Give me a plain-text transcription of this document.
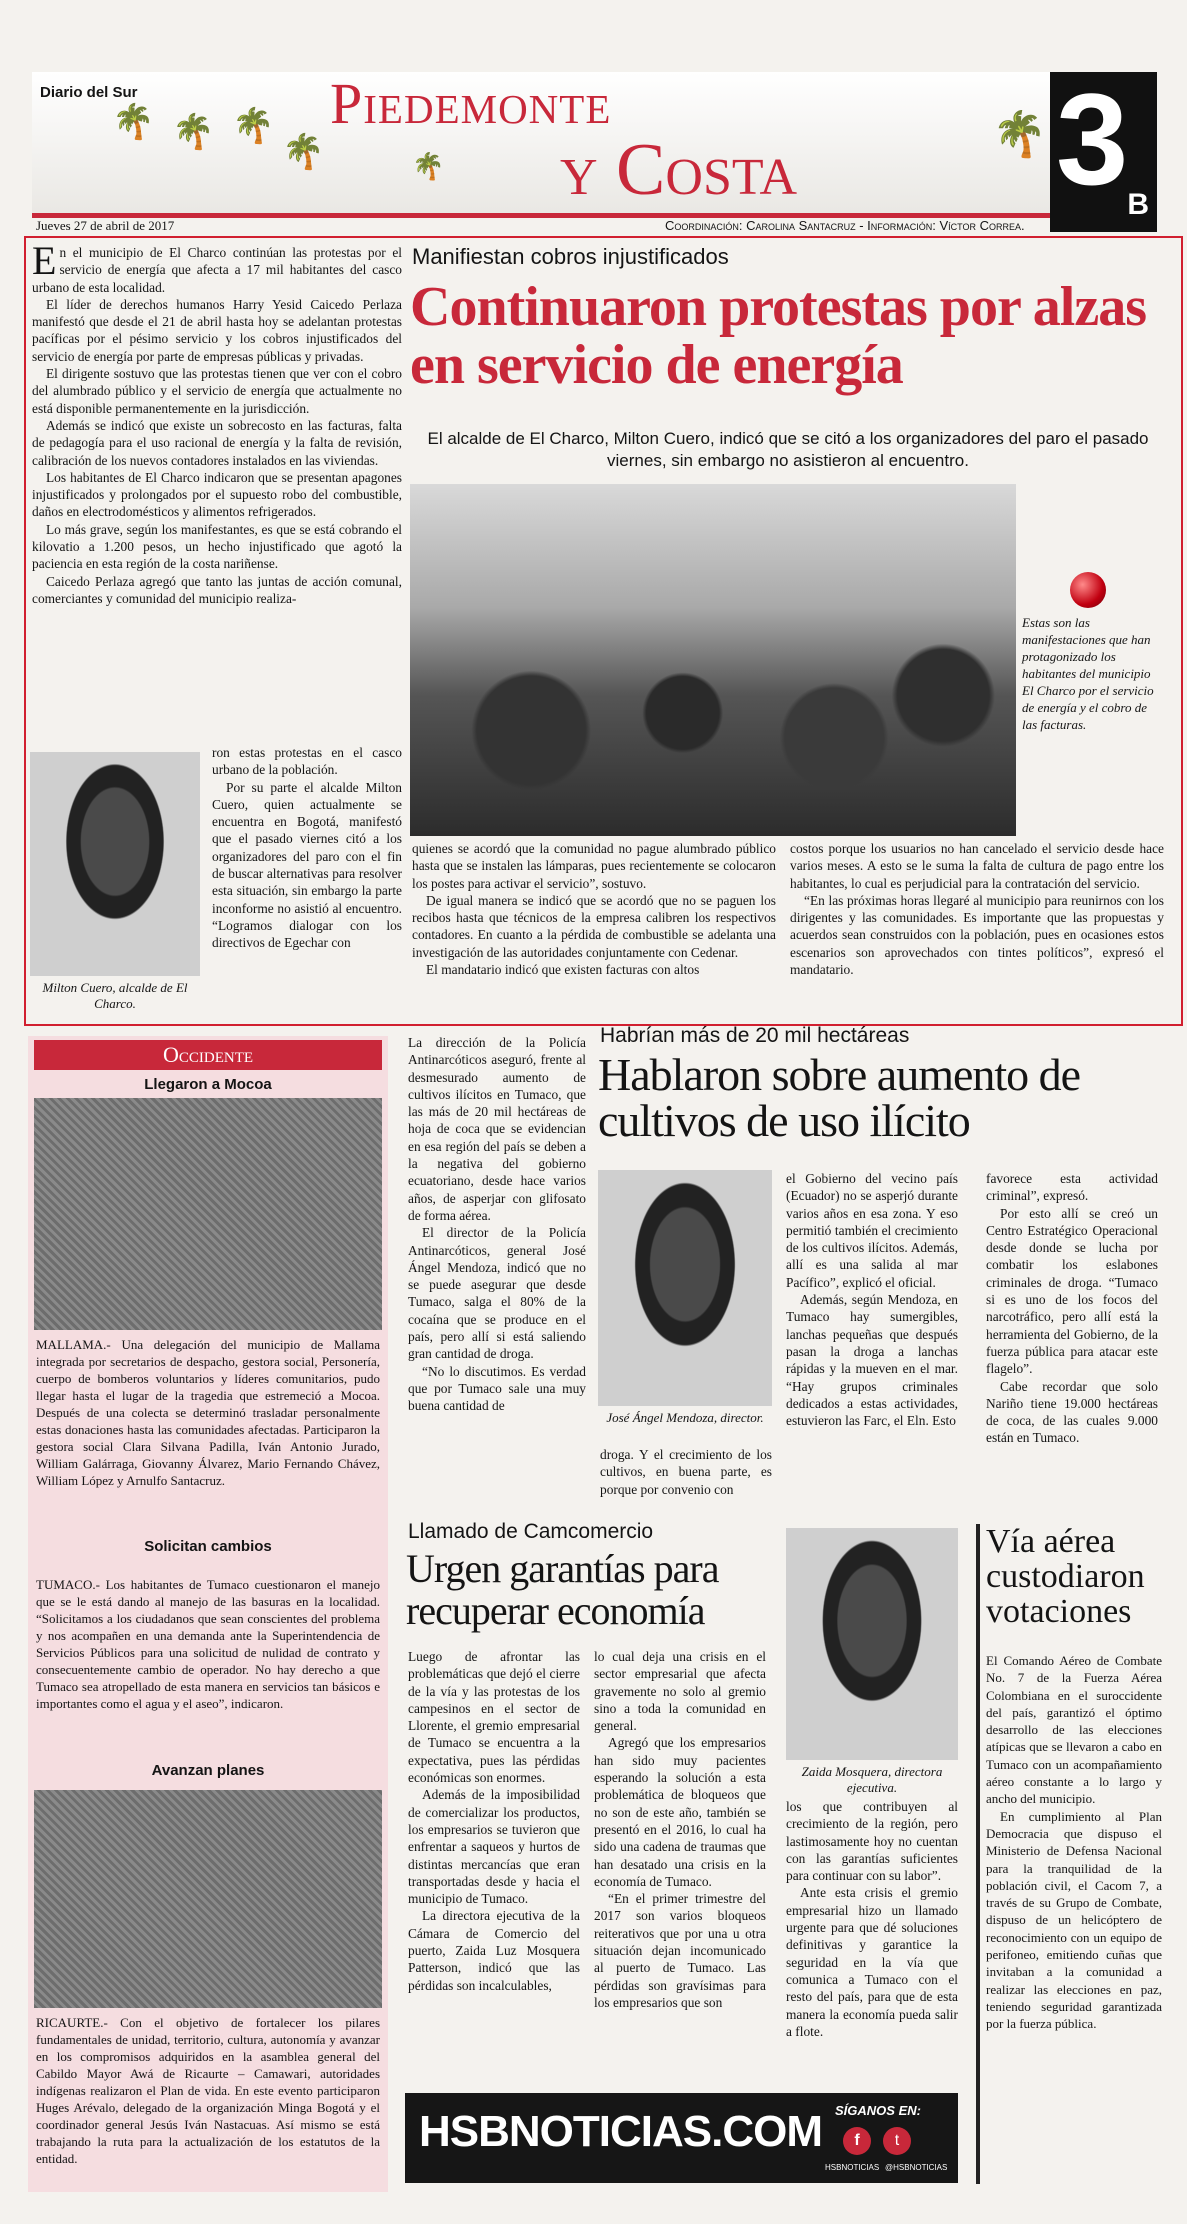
🌴 🌴 🌴
🌴	🌴
🌴
Diario del Sur	Piedemonte
y Costa 3 B
Jueves 27 de abril de 2017	Coordinación: Carolina Santacruz - Información: Víctor Correa.

En el municipio de El Charco continúan las protestas por el servicio de energía que afecta a 17 mil habitantes del casco urbano de esta localidad.

El líder de derechos humanos Harry Yesid Caicedo Perlaza manifestó que desde el 21 de abril hasta hoy se adelantan protestas pacíficas por el pésimo servicio y los cobros injustificados del servicio de energía por parte de empresas públicas y privadas.

El dirigente sostuvo que las protestas tienen que ver con el cobro del alumbrado público y el servicio de energía que actualmente no está disponible permanentemente en la jurisdicción.

Además se indicó que existe un sobrecosto en las facturas, falta de pedagogía para el uso racional de energía y la falta de revisión, calibración de los nuevos contadores instalados en las viviendas.

Los habitantes de El Charco indicaron que se presentan apagones injustificados y prolongados por el supuesto robo del combustible, daños en electrodomésticos y alimentos refrigerados.

Lo más grave, según los manifestantes, es que se está cobrando el kilovatio a 1.200 pesos, un hecho injustificado que agotó la paciencia en esta región de la costa nariñense.

Caicedo Perlaza agregó que tanto las juntas de acción comunal, comerciantes y comunidad del municipio realiza-

Milton Cuero, alcalde de El Charco.

ron estas protestas en el casco urbano de la población.

Por su parte el alcalde Milton Cuero, quien actualmente se encuentra en Bogotá, manifestó que el pasado viernes citó a los organizadores del paro con el fin de buscar alternativas para resolver esta situación, sin embargo la parte inconforme no asistió al encuentro. “Logramos dialogar con los directivos de Egechar con

Manifiestan cobros injustificados
Continuaron protestas por alzas en servicio de energía
El alcalde de El Charco, Milton Cuero, indicó que se citó a los organizadores del paro el pasado viernes, sin embargo no asistieron al encuentro.
Estas son las manifestaciones que han protagonizado los habitantes del municipio El Charco por el servicio de energía y el cobro de las facturas.

quienes se acordó que la comunidad no pague alumbrado público hasta que se instalen las lámparas, pues recientemente se colocaron los postes para activar el servicio”, sostuvo.

De igual manera se indicó que se acordó que no se paguen los recibos hasta que técnicos de la empresa calibren los respectivos contadores. En cuanto a la pérdida de combustible se adelanta una investigación de las autoridades conjuntamente con Cedenar.

El mandatario indicó que existen facturas con altos

costos porque los usuarios no han cancelado el servicio desde hace varios meses. A esto se le suma la falta de cultura de pago entre los habitantes, lo cual es perjudicial para la contratación del servicio.

“En las próximas horas llegaré al municipio para reunirnos con los dirigentes y las comunidades. Es importante que las propuestas y acuerdos sean construidos con la población, pues en ocasiones estos escenarios son aprovechados con tintes políticos”, expresó el mandatario.

Occidente
Llegaron a Mocoa
MALLAMA.- Una delegación del municipio de Mallama integrada por secretarios de despacho, gestora social, Personería, cuerpo de bomberos voluntarios y líderes comunitarios, pudo llegar hasta el lugar de la tragedia que estremeció a Mocoa. Después de una colecta se determinó trasladar personalmente estas donaciones hasta las comunidades afectadas. Participaron la gestora social Clara Silvana Padilla, Iván Antonio Jurado, William Galárraga, Giovanny Álvarez, Mario Fernando Chávez, William López y Arnulfo Santacruz.
Solicitan cambios
TUMACO.- Los habitantes de Tumaco cuestionaron el manejo que se le está dando al manejo de las basuras en la localidad. “Solicitamos a los ciudadanos que sean conscientes del problema y nos acompañen en una demanda ante la Superintendencia de Servicios Públicos para una solicitud de nulidad de contrato y consecuentemente cambio de operador. No hay derecho a que Tumaco sea atropellado de esta manera en servicios tan básicos e importantes como el agua y el aseo”, indicaron.
Avanzan planes
RICAURTE.- Con el objetivo de fortalecer los pilares fundamentales de unidad, territorio, cultura, autonomía y avanzar en los compromisos adquiridos en la asamblea general del Cabildo Mayor Awá de Ricaurte – Camawari, autoridades indígenas realizaron el Plan de vida. En este evento participaron Huges Arévalo, delegado de la organización Minga Bogotá y el coordinador general Jesús Iván Nastacuas. Así mismo se está trabajando la ruta para la actualización de los estatutos de la entidad.
Habrían más de 20 mil hectáreas
Hablaron sobre aumento de cultivos de uso ilícito

La dirección de la Policía Antinarcóticos aseguró, frente al desmesurado aumento de cultivos ilícitos en Tumaco, que las más de 20 mil hectáreas de hoja de coca que se evidencian en esa región del país se deben a la negativa del gobierno ecuatoriano, desde hace varios años, de asperjar con glifosato de forma aérea.

El director de la Policía Antinarcóticos, general José Ángel Mendoza, indicó que no se puede asegurar que desde Tumaco, salga el 80% de la cocaína que se produce en el país, pero allí si está saliendo gran cantidad de droga.

“No lo discutimos. Es verdad que por Tumaco sale una muy buena cantidad de

José Ángel Mendoza, director.
droga. Y el crecimiento de los cultivos, en buena parte, es porque por convenio con

el Gobierno del vecino país (Ecuador) no se asperjó durante varios años en esa zona. Y eso permitió también el crecimiento de los cultivos ilícitos. Además, allí es una salida al mar Pacífico”, explicó el oficial.

Además, según Mendoza, en Tumaco hay sumergibles, lanchas pequeñas que después pasan la droga a lanchas rápidas y la mueven en el mar. “Hay grupos criminales dedicados a estas actividades, estuvieron las Farc, el Eln. Esto

favorece esta actividad criminal”, expresó.

Por esto allí se creó un Centro Estratégico Operacional desde donde se lucha por combatir los eslabones criminales de droga. “Tumaco si es uno de los focos del narcotráfico, pero allí está la herramienta del Gobierno, de la fuerza pública para atacar este flagelo”.

Cabe recordar que solo Nariño tiene 19.000 hectáreas de coca, de las cuales 9.000 están en Tumaco.

Llamado de Camcomercio
Urgen garantías para recuperar economía

Luego de afrontar las problemáticas que dejó el cierre de la vía y las protestas de los campesinos en el sector de Llorente, el gremio empresarial de Tumaco se encuentra a la expectativa, pues las pérdidas económicas son enormes.

Además de la imposibilidad de comercializar los productos, los empresarios se tuvieron que enfrentar a saqueos y hurtos de distintas mercancías que eran transportadas desde y hacia el municipio de Tumaco.

La directora ejecutiva de la Cámara de Comercio del puerto, Zaida Luz Mosquera Patterson, indicó que las pérdidas son incalculables,

lo cual deja una crisis en el sector empresarial que afecta gravemente no solo al gremio sino a toda la comunidad en general.

Agregó que los empresarios han sido muy pacientes esperando la solución a esta problemática de bloqueos que no son de este año, también se presentó en el 2016, lo cual ha sido una cadena de traumas que han desatado una crisis en la economía de Tumaco.

“En el primer trimestre del 2017 son varios bloqueos reiterativos que por una u otra situación dejan incomunicado al puerto de Tumaco. Las pérdidas son gravísimas para los empresarios que son

Zaida Mosquera, directora ejecutiva.

los que contribuyen al crecimiento de la región, pero lastimosamente hoy no cuentan con las garantías suficientes para continuar con su labor”.

Ante esta crisis el gremio empresarial hizo un llamado urgente para que dé soluciones definitivas y garantice la seguridad en la vía que comunica a Tumaco con el resto del país, para que de esta manera la economía pueda salir a flote.

Vía aérea custodiaron votaciones

El Comando Aéreo de Combate No. 7 de la Fuerza Aérea Colombiana en el suroccidente del país, garantizó el óptimo desarrollo de las elecciones atípicas que se llevaron a cabo en Tumaco con un acompañamiento aéreo constante a lo largo y ancho del municipio.

En cumplimiento al Plan Democracia que dispuso el Ministerio de Defensa Nacional para la tranquilidad de la población civil, el Cacom 7, a través de su Grupo de Combate, dispuso de un helicóptero de reconocimiento con un equipo de perifoneo, emitiendo cuñas que invitaban a la comunidad a realizar las elecciones en paz, teniendo seguridad garantizada por la fuerza pública.

HSBNOTICIAS.COM SÍGANOS EN:
f	t
HSBNOTICIAS @HSBNOTICIAS
